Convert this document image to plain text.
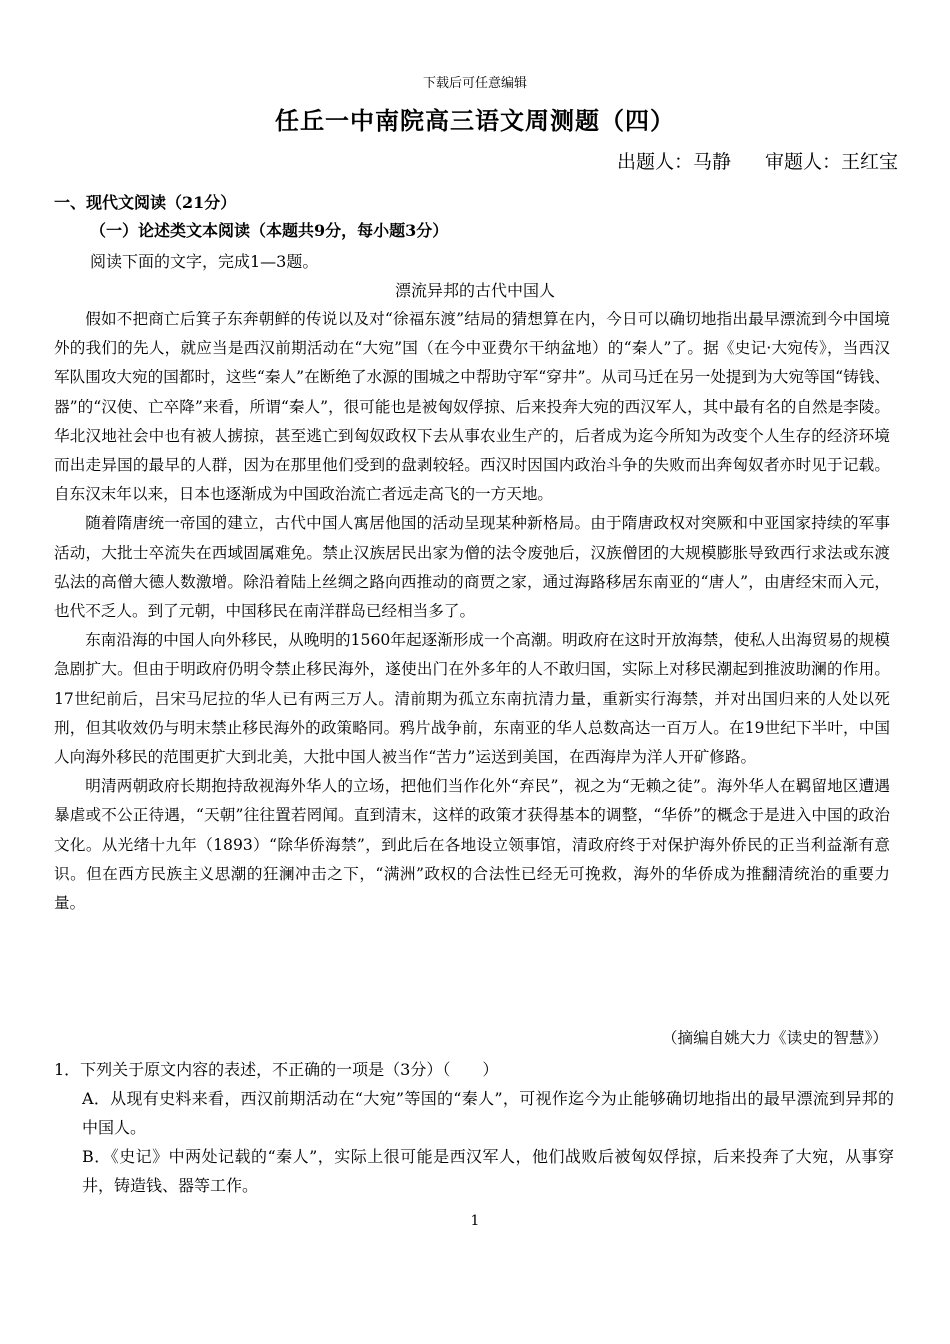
下载后可任意编辑
任丘一中南院高三语文周测题（四）
出题人：马静 审题人：王红宝
一、现代文阅读（21分）
（一）论述类文本阅读（本题共9分，每小题3分）
阅读下面的文字，完成1—3题。
漂流异邦的古代中国人

假如不把商亡后箕子东奔朝鲜的传说以及对“徐福东渡”结局的猜想算在内，今日可以确切地指出最早漂流到今中国境外的我们的先人，就应当是西汉前期活动在“大宛”国（在今中亚费尔干纳盆地）的“秦人”了。据《史记·大宛传》，当西汉军队围攻大宛的国都时，这些“秦人”在断绝了水源的围城之中帮助守军“穿井”。从司马迁在另一处提到为大宛等国“铸钱、器”的“汉使、亡卒降”来看，所谓“秦人”，很可能也是被匈奴俘掠、后来投奔大宛的西汉军人，其中最有名的自然是李陵。华北汉地社会中也有被人掳掠，甚至逃亡到匈奴政权下去从事农业生产的，后者成为迄今所知为改变个人生存的经济环境而出走异国的最早的人群，因为在那里他们受到的盘剥较轻。西汉时因国内政治斗争的失败而出奔匈奴者亦时见于记载。自东汉末年以来，日本也逐渐成为中国政治流亡者远走高飞的一方天地。

随着隋唐统一帝国的建立，古代中国人寓居他国的活动呈现某种新格局。由于隋唐政权对突厥和中亚国家持续的军事活动，大批士卒流失在西域固属难免。禁止汉族居民出家为僧的法令废弛后，汉族僧团的大规模膨胀导致西行求法或东渡弘法的高僧大德人数激增。除沿着陆上丝绸之路向西推动的商贾之家，通过海路移居东南亚的“唐人”，由唐经宋而入元，也代不乏人。到了元朝，中国移民在南洋群岛已经相当多了。

东南沿海的中国人向外移民，从晚明的1560年起逐渐形成一个高潮。明政府在这时开放海禁，使私人出海贸易的规模急剧扩大。但由于明政府仍明令禁止移民海外，遂使出门在外多年的人不敢归国，实际上对移民潮起到推波助澜的作用。17世纪前后，吕宋马尼拉的华人已有两三万人。清前期为孤立东南抗清力量，重新实行海禁，并对出国归来的人处以死刑，但其收效仍与明末禁止移民海外的政策略同。鸦片战争前，东南亚的华人总数高达一百万人。在19世纪下半叶，中国人向海外移民的范围更扩大到北美，大批中国人被当作“苦力”运送到美国，在西海岸为洋人开矿修路。

明清两朝政府长期抱持敌视海外华人的立场，把他们当作化外“弃民”，视之为“无赖之徒”。海外华人在羁留地区遭遇暴虐或不公正待遇，“天朝”往往置若罔闻。直到清末，这样的政策才获得基本的调整，“华侨”的概念于是进入中国的政治文化。从光绪十九年（1893）“除华侨海禁”，到此后在各地设立领事馆，清政府终于对保护海外侨民的正当利益渐有意识。但在西方民族主义思潮的狂澜冲击之下，“满洲”政权的合法性已经无可挽救，海外的华侨成为推翻清统治的重要力量。

（摘编自姚大力《读史的智慧》）

1．下列关于原文内容的表述，不正确的一项是（3分）（　　）

A．从现有史料来看，西汉前期活动在“大宛”等国的“秦人”，可视作迄今为止能够确切地指出的最早漂流到异邦的中国人。

B．《史记》中两处记载的“秦人”，实际上很可能是西汉军人，他们战败后被匈奴俘掠，后来投奔了大宛，从事穿井，铸造钱、器等工作。

1
